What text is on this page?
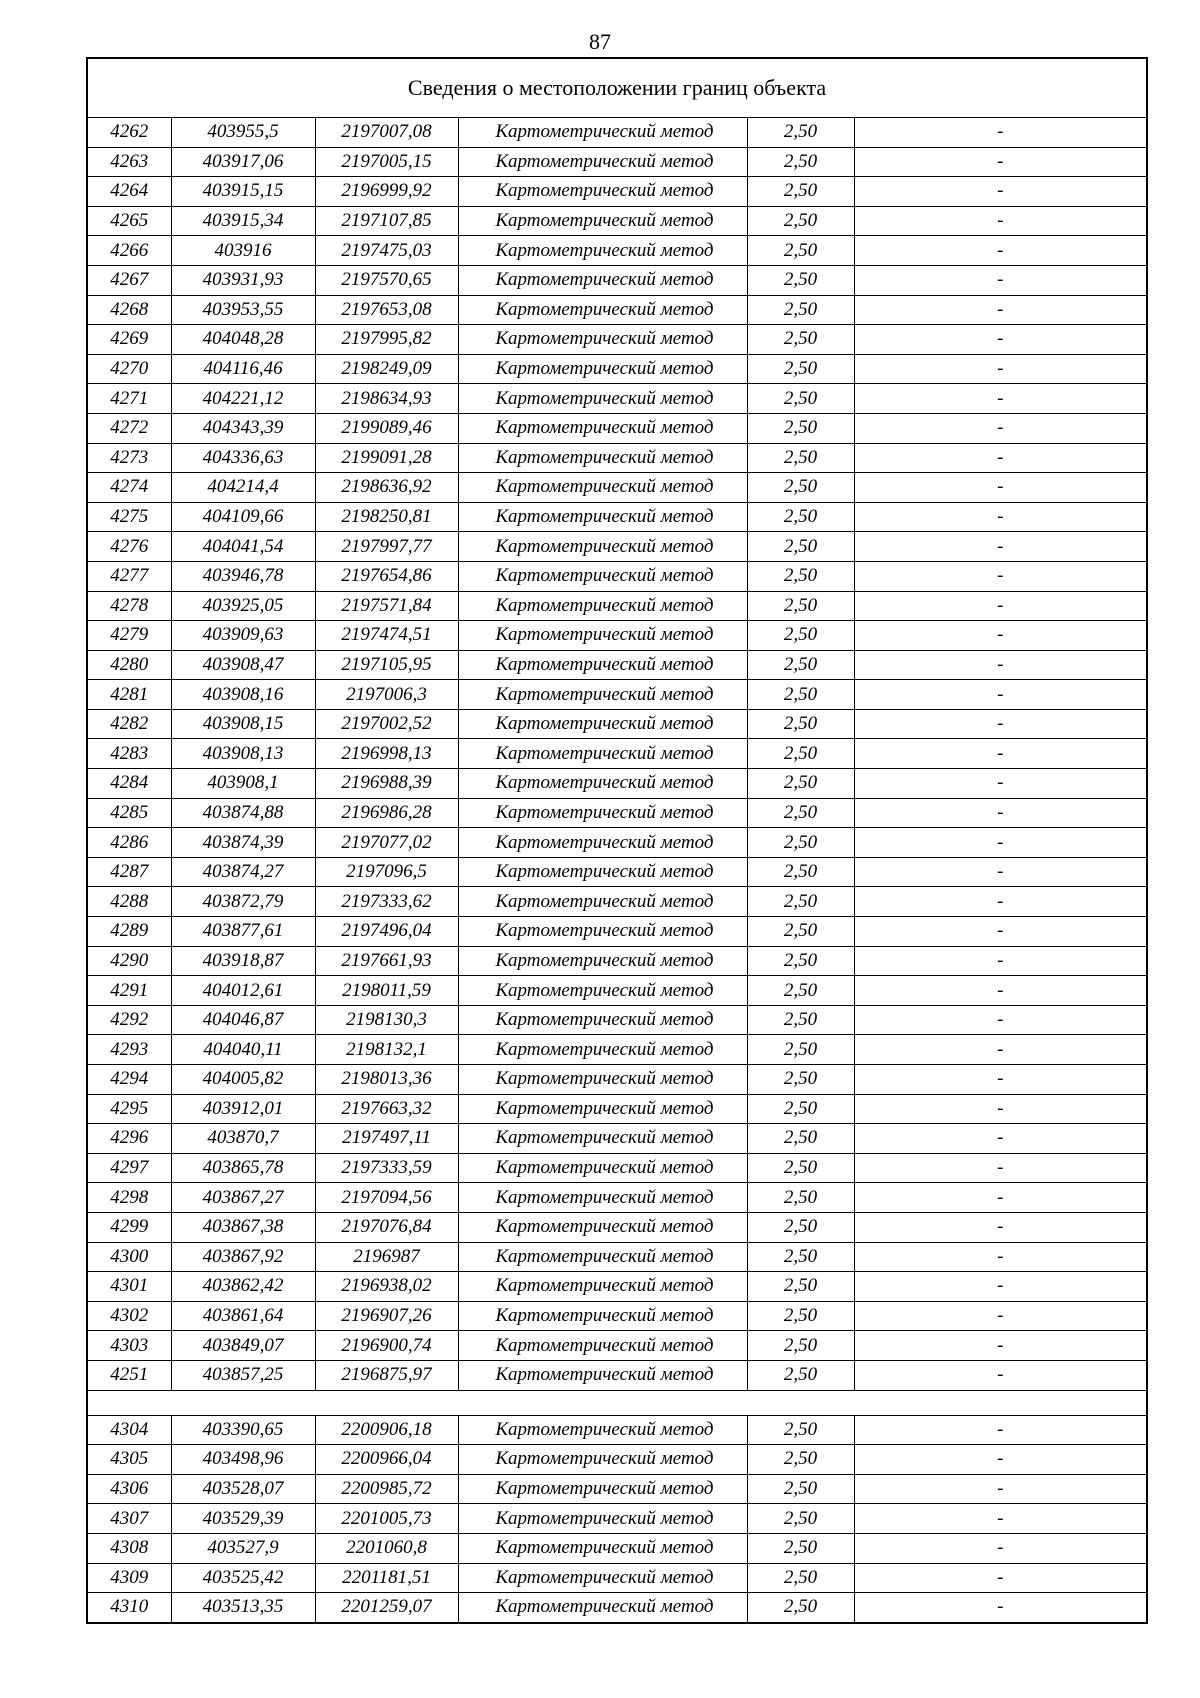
87
Сведения о местоположении границ объекта					
4262	403955,5	2197007,08	Картометрический метод	2,50	-
4263	403917,06	2197005,15	Картометрический метод	2,50	-
4264	403915,15	2196999,92	Картометрический метод	2,50	-
4265	403915,34	2197107,85	Картометрический метод	2,50	-
4266	403916	2197475,03	Картометрический метод	2,50	-
4267	403931,93	2197570,65	Картометрический метод	2,50	-
4268	403953,55	2197653,08	Картометрический метод	2,50	-
4269	404048,28	2197995,82	Картометрический метод	2,50	-
4270	404116,46	2198249,09	Картометрический метод	2,50	-
4271	404221,12	2198634,93	Картометрический метод	2,50	-
4272	404343,39	2199089,46	Картометрический метод	2,50	-
4273	404336,63	2199091,28	Картометрический метод	2,50	-
4274	404214,4	2198636,92	Картометрический метод	2,50	-
4275	404109,66	2198250,81	Картометрический метод	2,50	-
4276	404041,54	2197997,77	Картометрический метод	2,50	-
4277	403946,78	2197654,86	Картометрический метод	2,50	-
4278	403925,05	2197571,84	Картометрический метод	2,50	-
4279	403909,63	2197474,51	Картометрический метод	2,50	-
4280	403908,47	2197105,95	Картометрический метод	2,50	-
4281	403908,16	2197006,3	Картометрический метод	2,50	-
4282	403908,15	2197002,52	Картометрический метод	2,50	-
4283	403908,13	2196998,13	Картометрический метод	2,50	-
4284	403908,1	2196988,39	Картометрический метод	2,50	-
4285	403874,88	2196986,28	Картометрический метод	2,50	-
4286	403874,39	2197077,02	Картометрический метод	2,50	-
4287	403874,27	2197096,5	Картометрический метод	2,50	-
4288	403872,79	2197333,62	Картометрический метод	2,50	-
4289	403877,61	2197496,04	Картометрический метод	2,50	-
4290	403918,87	2197661,93	Картометрический метод	2,50	-
4291	404012,61	2198011,59	Картометрический метод	2,50	-
4292	404046,87	2198130,3	Картометрический метод	2,50	-
4293	404040,11	2198132,1	Картометрический метод	2,50	-
4294	404005,82	2198013,36	Картометрический метод	2,50	-
4295	403912,01	2197663,32	Картометрический метод	2,50	-
4296	403870,7	2197497,11	Картометрический метод	2,50	-
4297	403865,78	2197333,59	Картометрический метод	2,50	-
4298	403867,27	2197094,56	Картометрический метод	2,50	-
4299	403867,38	2197076,84	Картометрический метод	2,50	-
4300	403867,92	2196987	Картометрический метод	2,50	-
4301	403862,42	2196938,02	Картометрический метод	2,50	-
4302	403861,64	2196907,26	Картометрический метод	2,50	-
4303	403849,07	2196900,74	Картометрический метод	2,50	-
4251	403857,25	2196875,97	Картометрический метод	2,50	-

4304	403390,65	2200906,18	Картометрический метод	2,50	-
4305	403498,96	2200966,04	Картометрический метод	2,50	-
4306	403528,07	2200985,72	Картометрический метод	2,50	-
4307	403529,39	2201005,73	Картометрический метод	2,50	-
4308	403527,9	2201060,8	Картометрический метод	2,50	-
4309	403525,42	2201181,51	Картометрический метод	2,50	-
4310	403513,35	2201259,07	Картометрический метод	2,50	-
